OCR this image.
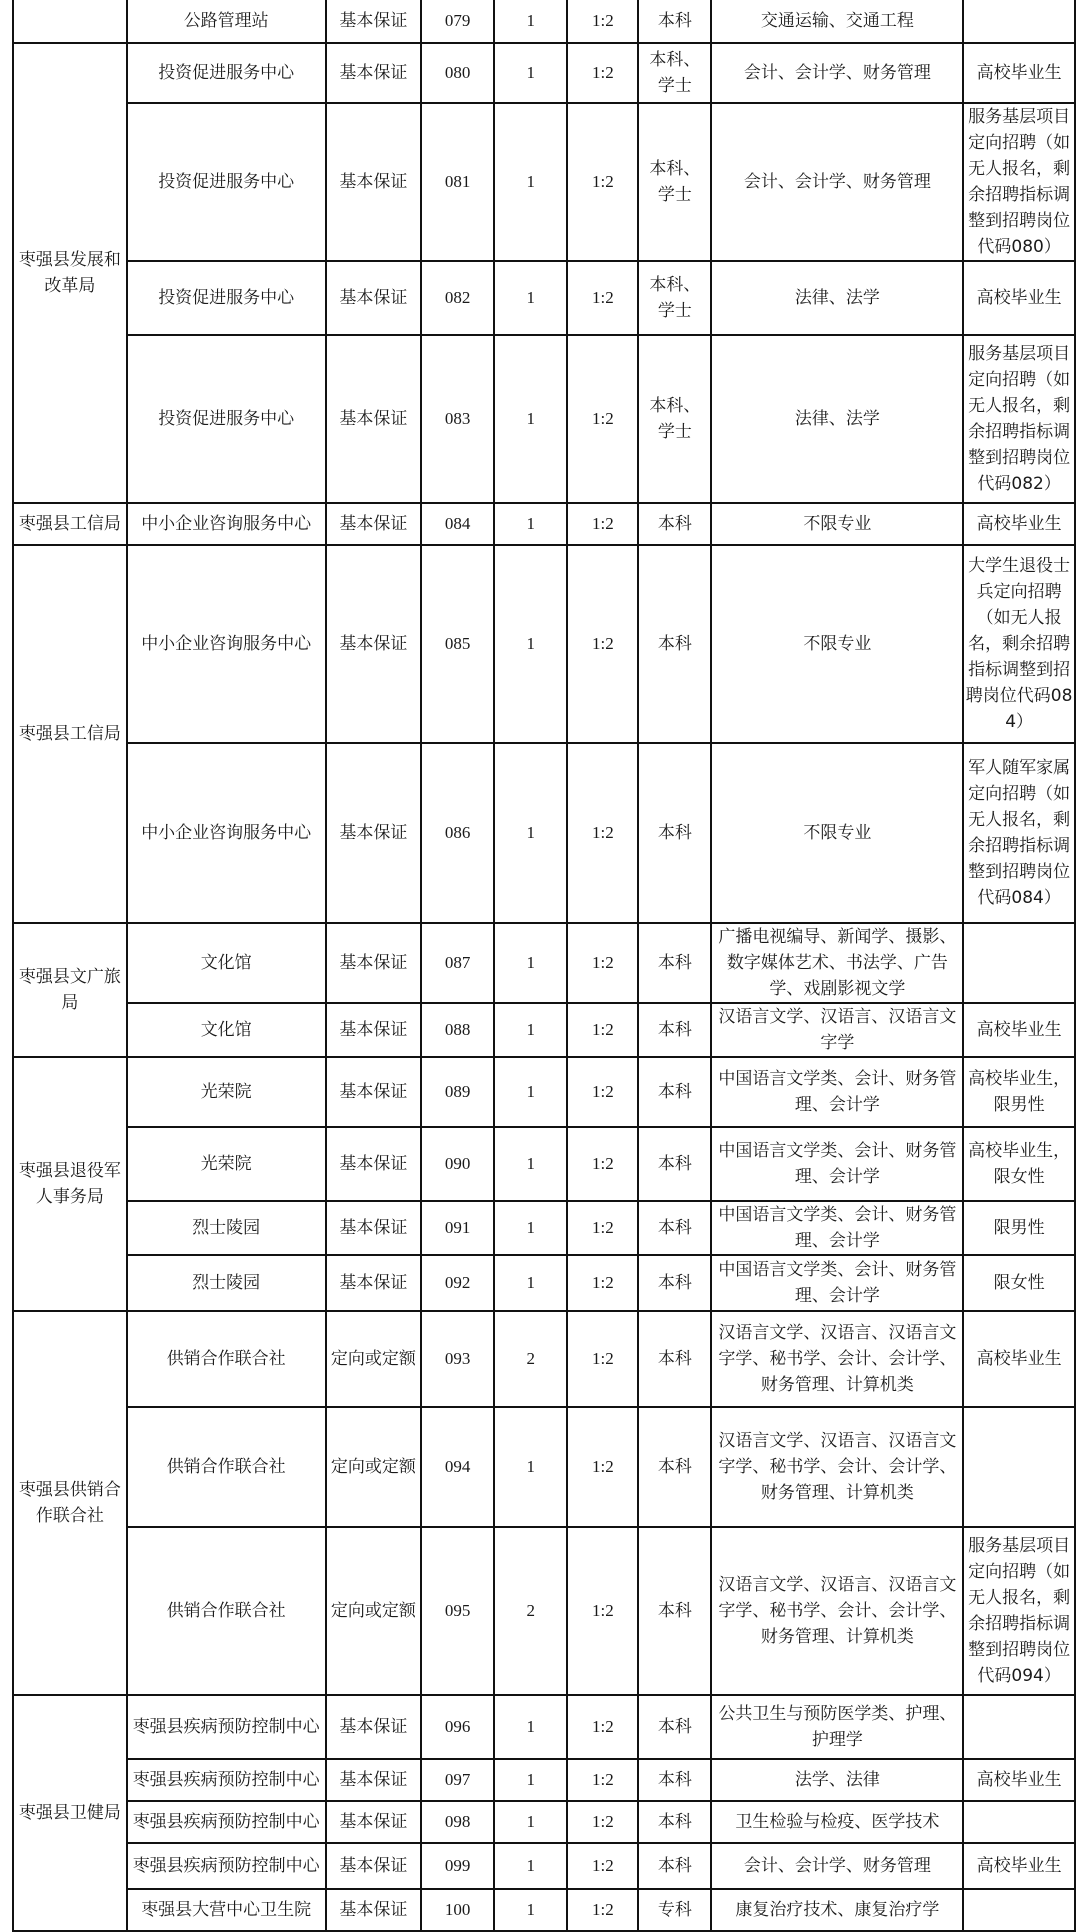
	公路管理站	基本保证	079	1	1:2	本科	交通运输、交通工程	
枣强县发展和改革局	投资促进服务中心	基本保证	080	1	1:2	本科、学士	会计、会计学、财务管理	高校毕业生
	投资促进服务中心	基本保证	081	1	1:2	本科、学士	会计、会计学、财务管理	服务基层项目定向招聘（如无人报名，剩余招聘指标调整到招聘岗位代码080）
	投资促进服务中心	基本保证	082	1	1:2	本科、学士	法律、法学	高校毕业生
	投资促进服务中心	基本保证	083	1	1:2	本科、学士	法律、法学	服务基层项目定向招聘（如无人报名，剩余招聘指标调整到招聘岗位代码082）
枣强县工信局	中小企业咨询服务中心	基本保证	084	1	1:2	本科	不限专业	高校毕业生
枣强县工信局	中小企业咨询服务中心	基本保证	085	1	1:2	本科	不限专业	大学生退役士兵定向招聘（如无人报名，剩余招聘指标调整到招聘岗位代码084）
	中小企业咨询服务中心	基本保证	086	1	1:2	本科	不限专业	军人随军家属定向招聘（如无人报名，剩余招聘指标调整到招聘岗位代码084）
枣强县文广旅局	文化馆	基本保证	087	1	1:2	本科	广播电视编导、新闻学、摄影、数字媒体艺术、书法学、广告学、戏剧影视文学	
	文化馆	基本保证	088	1	1:2	本科	汉语言文学、汉语言、汉语言文字学	高校毕业生
枣强县退役军人事务局	光荣院	基本保证	089	1	1:2	本科	中国语言文学类、会计、财务管理、会计学	高校毕业生，限男性
	光荣院	基本保证	090	1	1:2	本科	中国语言文学类、会计、财务管理、会计学	高校毕业生，限女性
	烈士陵园	基本保证	091	1	1:2	本科	中国语言文学类、会计、财务管理、会计学	限男性
	烈士陵园	基本保证	092	1	1:2	本科	中国语言文学类、会计、财务管理、会计学	限女性
枣强县供销合作联合社	供销合作联合社	定向或定额	093	2	1:2	本科	汉语言文学、汉语言、汉语言文字学、秘书学、会计、会计学、财务管理、计算机类	高校毕业生
	供销合作联合社	定向或定额	094	1	1:2	本科	汉语言文学、汉语言、汉语言文字学、秘书学、会计、会计学、财务管理、计算机类	
	供销合作联合社	定向或定额	095	2	1:2	本科	汉语言文学、汉语言、汉语言文字学、秘书学、会计、会计学、财务管理、计算机类	服务基层项目定向招聘（如无人报名，剩余招聘指标调整到招聘岗位代码094）
枣强县卫健局	枣强县疾病预防控制中心	基本保证	096	1	1:2	本科	公共卫生与预防医学类、护理、护理学	
	枣强县疾病预防控制中心	基本保证	097	1	1:2	本科	法学、法律	高校毕业生
	枣强县疾病预防控制中心	基本保证	098	1	1:2	本科	卫生检验与检疫、医学技术	
	枣强县疾病预防控制中心	基本保证	099	1	1:2	本科	会计、会计学、财务管理	高校毕业生
	枣强县大营中心卫生院	基本保证	100	1	1:2	专科	康复治疗技术、康复治疗学	
